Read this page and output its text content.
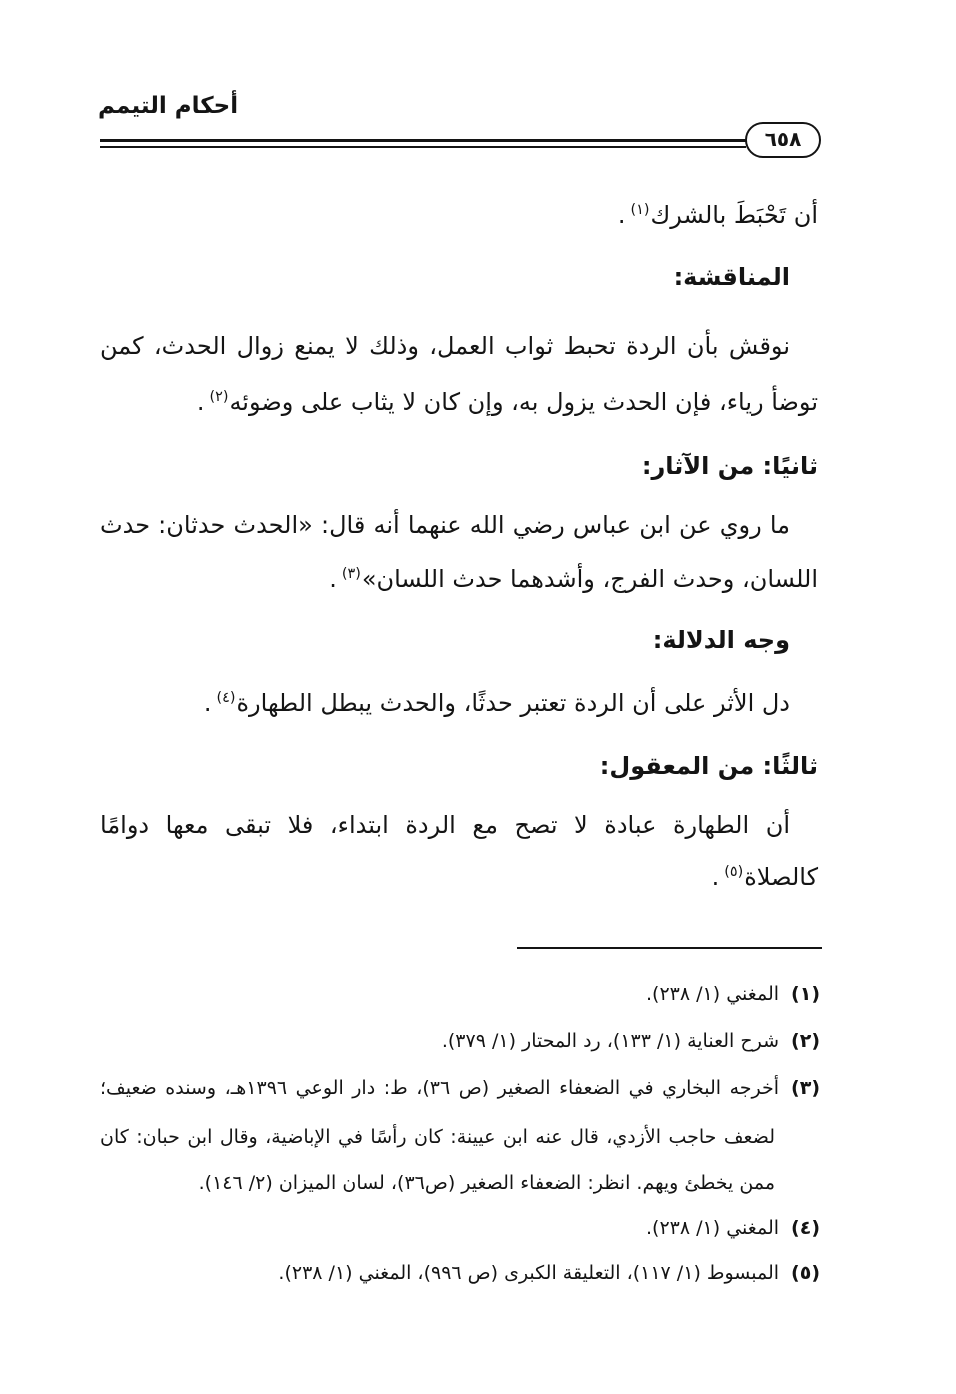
أحكام التيمم
٦٥٨
أن تَحْبَطَ بالشرك$^{(١)}$.
المناقشة:
نوقش بأن الردة تحبط ثواب العمل، وذلك لا يمنع زوال الحدث، كمن
توضأ رياء، فإن الحدث يزول به، وإن كان لا يثاب على وضوئه$^{(٢)}$.
ثانيًا: من الآثار:
ما روي عن ابن عباس رضي الله عنهما أنه قال: «الحدث حدثان: حدث
اللسان، وحدث الفرج، وأشدهما حدث اللسان»$^{(٣)}$.
وجه الدلالة:
دل الأثر على أن الردة تعتبر حدثًا، والحدث يبطل الطهارة$^{(٤)}$.
ثالثًا: من المعقول:
أن الطهارة عبادة لا تصح مع الردة ابتداء، فلا تبقى معها دوامًا
كالصلاة$^{(٥)}$.
(١)المغني (١/ ٢٣٨).
(٢)شرح العناية (١/ ١٣٣)، رد المحتار (١/ ٣٧٩).
(٣)أخرجه البخاري في الضعفاء الصغير (ص ٣٦)، ط: دار الوعي ١٣٩٦هـ، وسنده ضعيف؛
لضعف حاجب الأزدي، قال عنه ابن عيينة: كان رأسًا في الإباضية، وقال ابن حبان: كان
ممن يخطئ ويهم. انظر: الضعفاء الصغير (ص٣٦)، لسان الميزان (٢/ ١٤٦).
(٤)المغني (١/ ٢٣٨).
(٥)المبسوط (١/ ١١٧)، التعليقة الكبرى (ص ٩٩٦)، المغني (١/ ٢٣٨).
